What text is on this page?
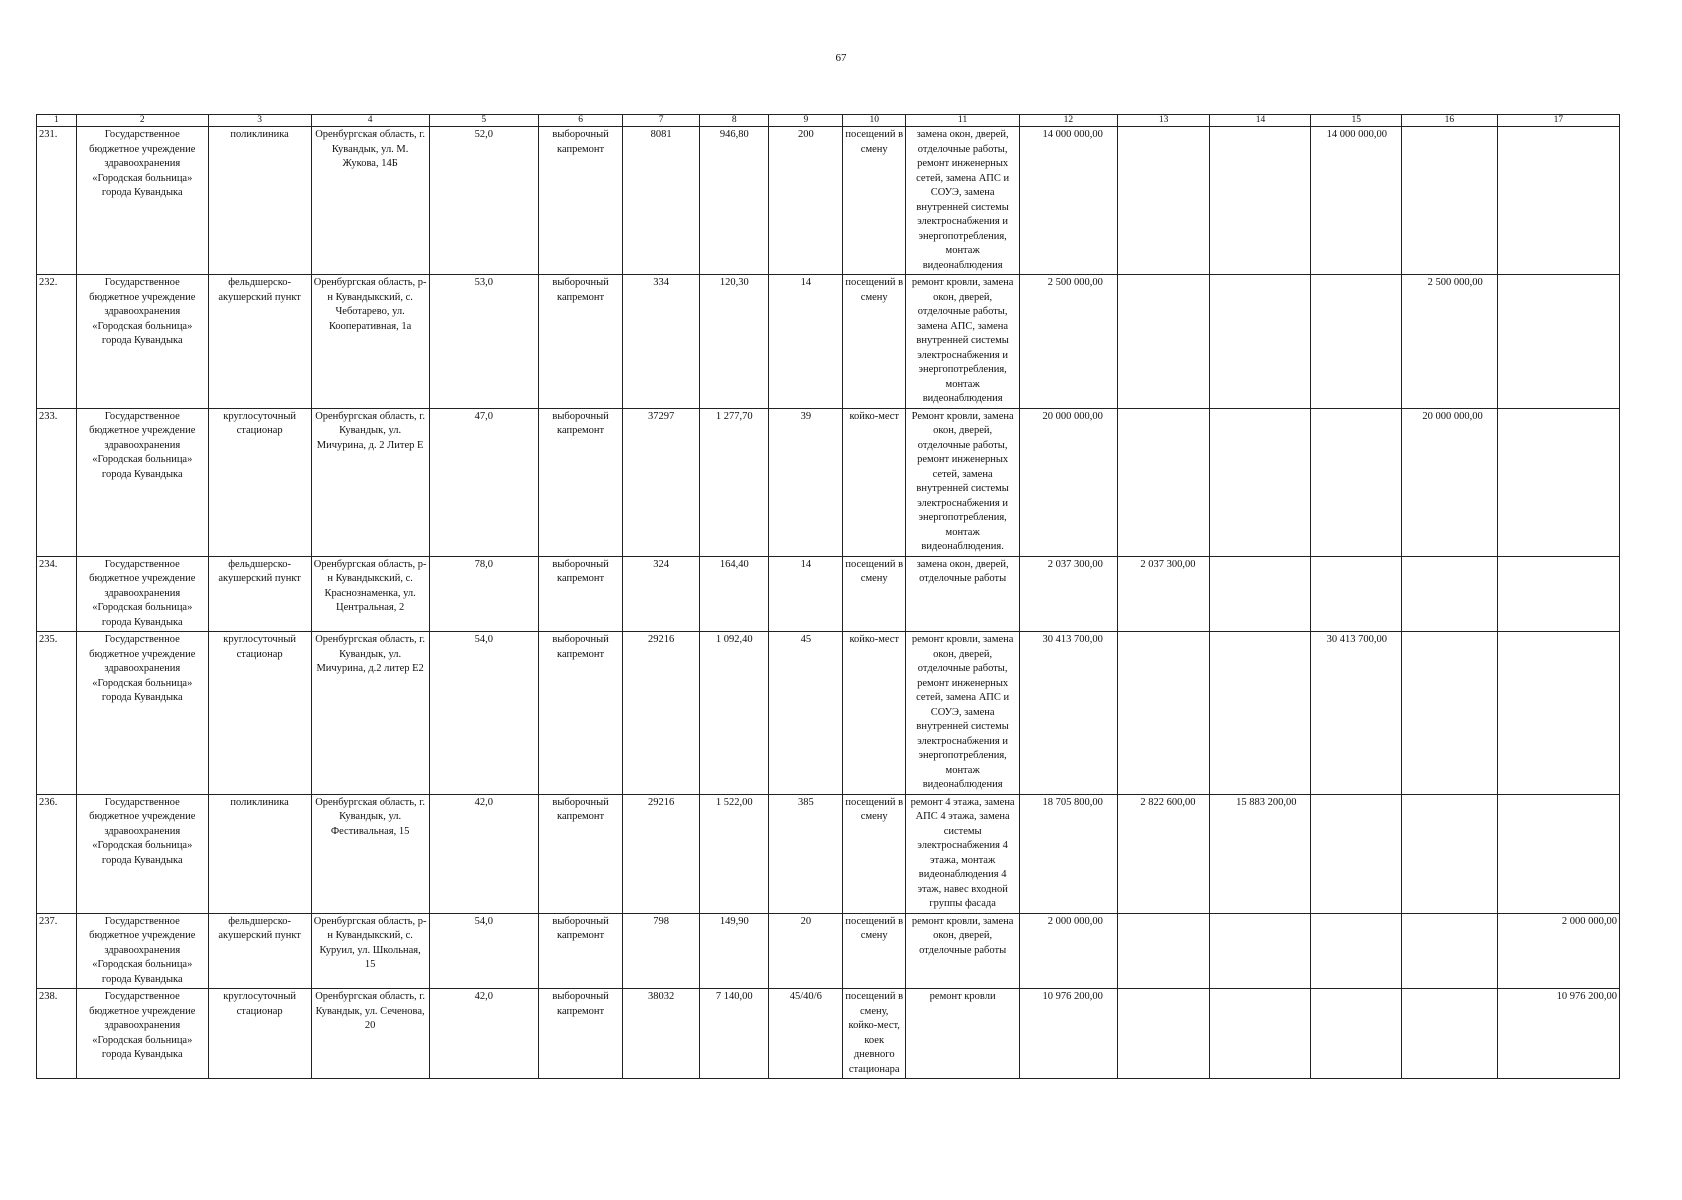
67
1	2	3	4	5	6	7	8	9	10	11	12	13	14	15	16	17
231.	Государственное бюджетное учреждение здравоохранения «Городская больница» города Кувандыка	поликлиника	Оренбургская область, г. Кувандык, ул. М. Жукова, 14Б	52,0	выборочный капремонт	8081	946,80	200	посещений в смену	замена окон, дверей, отделочные работы, ремонт инженерных сетей, замена АПС и СОУЭ, замена внутренней системы электроснабжения и энергопотребления, монтаж видеонаблюдения	14 000 000,00			14 000 000,00		
232.	Государственное бюджетное учреждение здравоохранения «Городская больница» города Кувандыка	фельдшерско-акушерский пункт	Оренбургская область, р-н Кувандыкский, с. Чеботарево, ул. Кооперативная, 1а	53,0	выборочный капремонт	334	120,30	14	посещений в смену	ремонт кровли, замена окон, дверей, отделочные работы, замена АПС, замена внутренней системы электроснабжения и энергопотребления, монтаж видеонаблюдения	2 500 000,00				2 500 000,00	
233.	Государственное бюджетное учреждение здравоохранения «Городская больница» города Кувандыка	круглосуточный стационар	Оренбургская область, г. Кувандык, ул. Мичурина, д. 2 Литер Е	47,0	выборочный капремонт	37297	1 277,70	39	койко-мест	Ремонт кровли, замена окон, дверей, отделочные работы, ремонт инженерных сетей, замена внутренней системы электроснабжения и энергопотребления, монтаж видеонаблюдения.	20 000 000,00				20 000 000,00	
234.	Государственное бюджетное учреждение здравоохранения «Городская больница» города Кувандыка	фельдшерско-акушерский пункт	Оренбургская область, р-н Кувандыкский, с. Краснознаменка, ул. Центральная, 2	78,0	выборочный капремонт	324	164,40	14	посещений в смену	замена окон, дверей, отделочные работы	2 037 300,00	2 037 300,00				
235.	Государственное бюджетное учреждение здравоохранения «Городская больница» города Кувандыка	круглосуточный стационар	Оренбургская область, г. Кувандык, ул. Мичурина, д.2 литер Е2	54,0	выборочный капремонт	29216	1 092,40	45	койко-мест	ремонт кровли, замена окон, дверей, отделочные работы, ремонт инженерных сетей, замена АПС и СОУЭ, замена внутренней системы электроснабжения и энергопотребления, монтаж видеонаблюдения	30 413 700,00			30 413 700,00		
236.	Государственное бюджетное учреждение здравоохранения «Городская больница» города Кувандыка	поликлиника	Оренбургская область, г. Кувандык, ул. Фестивальная, 15	42,0	выборочный капремонт	29216	1 522,00	385	посещений в смену	ремонт 4 этажа, замена АПС 4 этажа, замена системы электроснабжения 4 этажа, монтаж видеонаблюдения 4 этаж, навес входной группы фасада	18 705 800,00	2 822 600,00	15 883 200,00			
237.	Государственное бюджетное учреждение здравоохранения «Городская больница» города Кувандыка	фельдшерско-акушерский пункт	Оренбургская область, р-н Кувандыкский, с. Куруил, ул. Школьная, 15	54,0	выборочный капремонт	798	149,90	20	посещений в смену	ремонт кровли, замена окон, дверей, отделочные работы	2 000 000,00					2 000 000,00
238.	Государственное бюджетное учреждение здравоохранения «Городская больница» города Кувандыка	круглосуточный стационар	Оренбургская область, г. Кувандык, ул. Сеченова, 20	42,0	выборочный капремонт	38032	7 140,00	45/40/6	посещений в смену, койко-мест, коек дневного стационара	ремонт кровли	10 976 200,00					10 976 200,00
